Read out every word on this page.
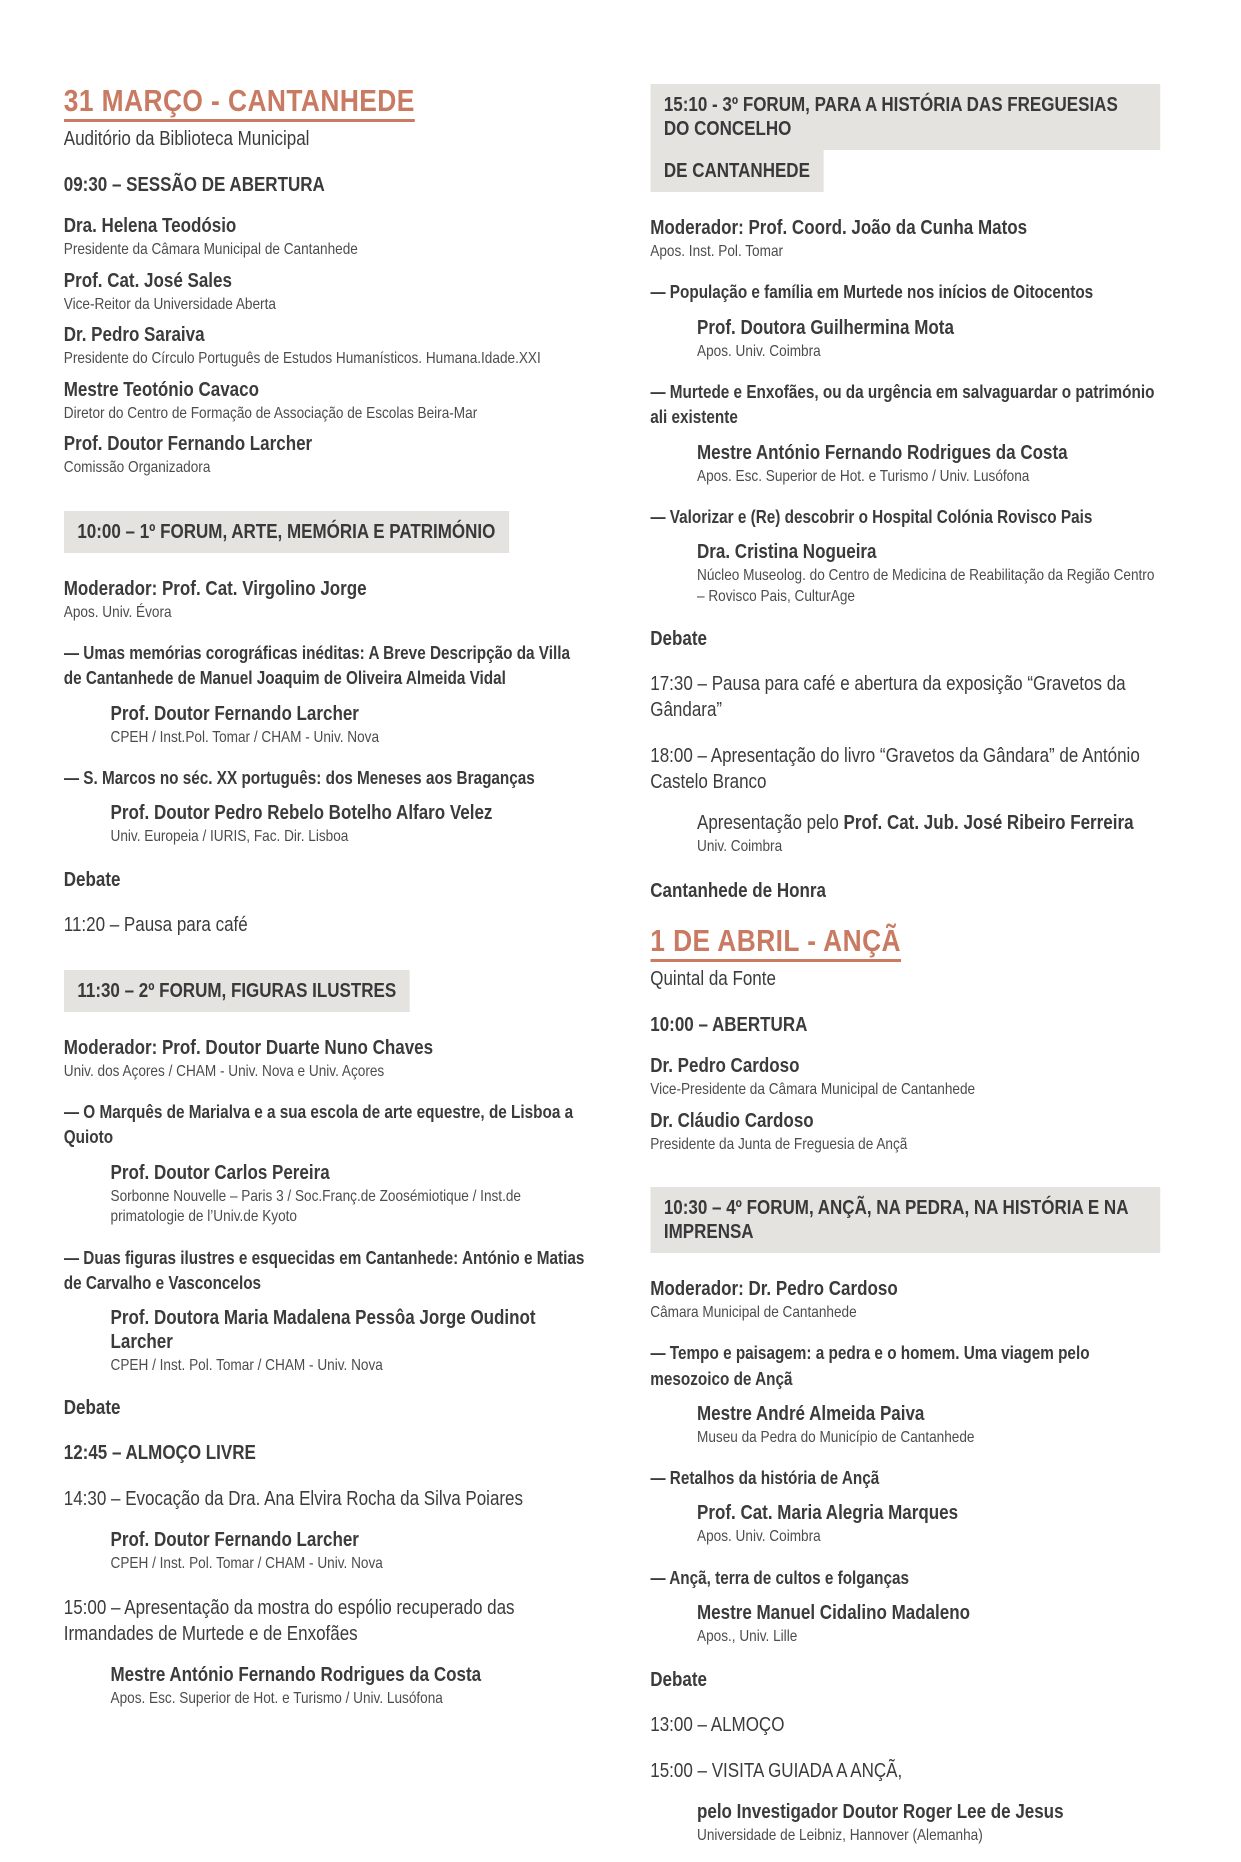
31 MARÇO - CANTANHEDE
Auditório da Biblioteca Municipal
09:30 – SESSÃO DE ABERTURA
Dra. Helena Teodósio
Presidente da Câmara Municipal de Cantanhede
Prof. Cat. José Sales
Vice-Reitor da Universidade Aberta
Dr. Pedro Saraiva
Presidente do Círculo Português de Estudos Humanísticos. Humana.Idade.XXI
Mestre Teotónio Cavaco
Diretor do Centro de Formação de Associação de Escolas Beira-Mar
Prof. Doutor Fernando Larcher
Comissão Organizadora
10:00 – 1º FORUM, ARTE, MEMÓRIA E PATRIMÓNIO
Moderador: Prof. Cat. Virgolino Jorge
Apos. Univ. Évora
— Umas memórias corográficas inéditas: A Breve Descripção da Villa de Cantanhede de Manuel Joaquim de Oliveira Almeida Vidal
Prof. Doutor Fernando Larcher
CPEH / Inst.Pol. Tomar / CHAM - Univ. Nova
— S. Marcos no séc. XX português: dos Meneses aos Braganças
Prof. Doutor Pedro Rebelo Botelho Alfaro Velez
Univ. Europeia / IURIS, Fac. Dir. Lisboa
Debate
11:20 – Pausa para café
11:30 – 2º FORUM, FIGURAS ILUSTRES
Moderador: Prof. Doutor Duarte Nuno Chaves
Univ. dos Açores / CHAM - Univ. Nova e Univ. Açores
— O Marquês de Marialva e a sua escola de arte equestre, de Lisboa a Quioto
Prof. Doutor Carlos Pereira
Sorbonne Nouvelle – Paris 3 / Soc.Franç.de Zoosémiotique / Inst.de primatologie de l’Univ.de Kyoto
— Duas figuras ilustres e esquecidas em Cantanhede: António e Matias de Carvalho e Vasconcelos
Prof. Doutora Maria Madalena Pessôa Jorge Oudinot Larcher
CPEH / Inst. Pol. Tomar / CHAM - Univ. Nova
Debate
12:45 – ALMOÇO LIVRE
14:30 – Evocação da Dra. Ana Elvira Rocha da Silva Poiares
Prof. Doutor Fernando Larcher
CPEH / Inst. Pol. Tomar / CHAM - Univ. Nova
15:00 – Apresentação da mostra do espólio recuperado das Irmandades de Murtede e de Enxofães
Mestre António Fernando Rodrigues da Costa
Apos. Esc. Superior de Hot. e Turismo / Univ. Lusófona
15:10 - 3º FORUM, PARA A HISTÓRIA DAS FREGUESIAS DO CONCELHO
DE CANTANHEDE
Moderador: Prof. Coord. João da Cunha Matos
Apos. Inst. Pol. Tomar
— População e família em Murtede nos inícios de Oitocentos
Prof. Doutora Guilhermina Mota
Apos. Univ. Coimbra
— Murtede e Enxofães, ou da urgência em salvaguardar o património ali existente
Mestre António Fernando Rodrigues da Costa
Apos. Esc. Superior de Hot. e Turismo / Univ. Lusófona
— Valorizar e (Re) descobrir o Hospital Colónia Rovisco Pais
Dra. Cristina Nogueira
Núcleo Museolog. do Centro de Medicina de Reabilitação da Região Centro – Rovisco Pais, CulturAge
Debate
17:30 – Pausa para café e abertura da exposição “Gravetos da Gândara”
18:00 – Apresentação do livro “Gravetos da Gândara” de António Castelo Branco
Apresentação pelo Prof. Cat. Jub. José Ribeiro Ferreira
Univ. Coimbra
Cantanhede de Honra
1 DE ABRIL - ANÇÃ
Quintal da Fonte
10:00 – ABERTURA
Dr. Pedro Cardoso
Vice-Presidente da Câmara Municipal de Cantanhede
Dr. Cláudio Cardoso
Presidente da Junta de Freguesia de Ançã
10:30 – 4º FORUM, ANÇÃ, NA PEDRA, NA HISTÓRIA E NA IMPRENSA
Moderador: Dr. Pedro Cardoso
Câmara Municipal de Cantanhede
— Tempo e paisagem: a pedra e o homem. Uma viagem pelo mesozoico de Ançã
Mestre André Almeida Paiva
Museu da Pedra do Município de Cantanhede
— Retalhos da história de Ançã
Prof. Cat. Maria Alegria Marques
Apos. Univ. Coimbra
— Ançã, terra de cultos e folganças
Mestre Manuel Cidalino Madaleno
Apos., Univ. Lille
Debate
13:00 – ALMOÇO
15:00 – VISITA GUIADA A ANÇÃ,
pelo Investigador Doutor Roger Lee de Jesus
Universidade de Leibniz, Hannover (Alemanha)
